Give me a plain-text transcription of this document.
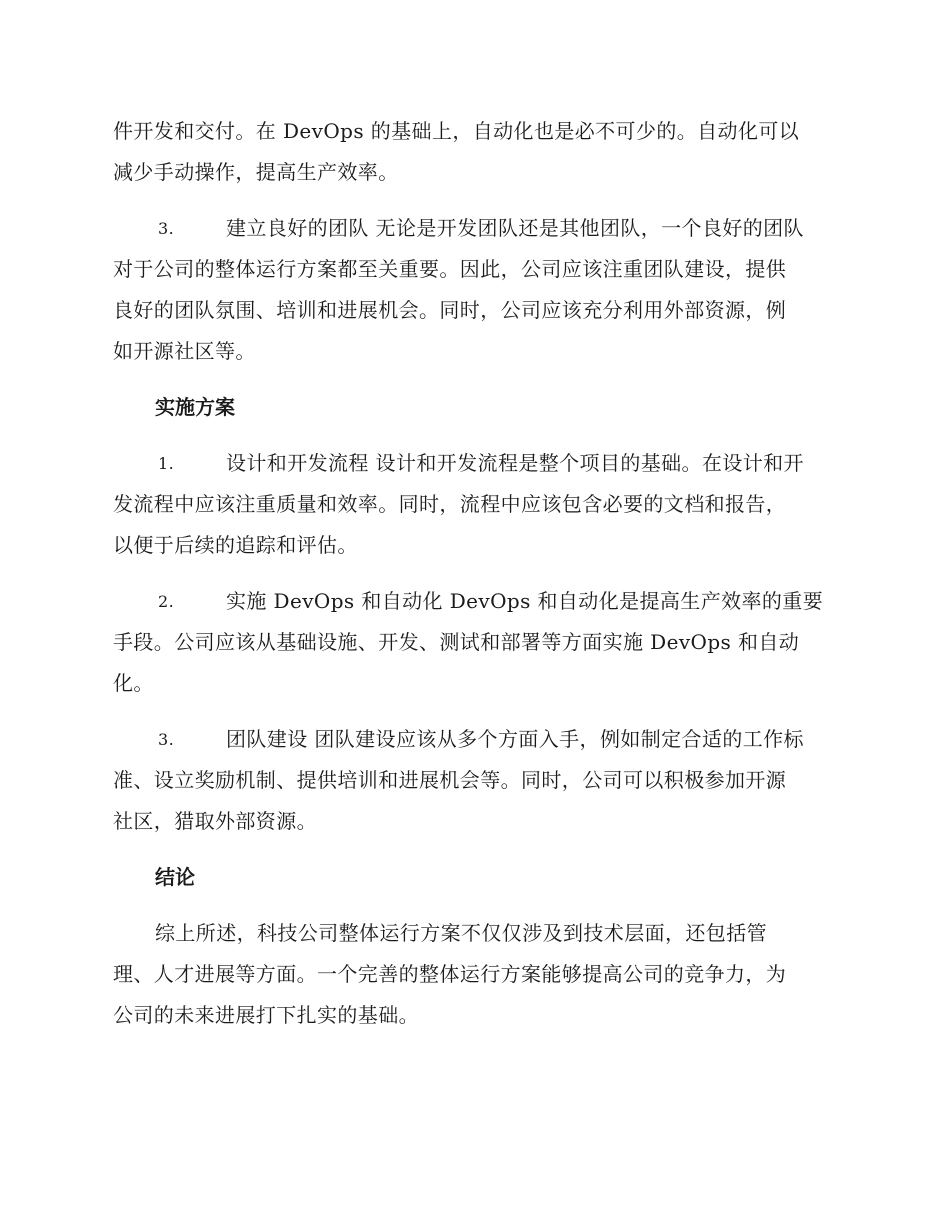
件开发和交付。在 DevOps 的基础上，自动化也是必不可少的。自动化可以
减少手动操作，提高生产效率。
3.	建立良好的团队 无论是开发团队还是其他团队，一个良好的团队
对于公司的整体运行方案都至关重要。因此，公司应该注重团队建设，提供
良好的团队氛围、培训和进展机会。同时，公司应该充分利用外部资源，例
如开源社区等。
实施方案
1.	设计和开发流程 设计和开发流程是整个项目的基础。在设计和开
发流程中应该注重质量和效率。同时，流程中应该包含必要的文档和报告，
以便于后续的追踪和评估。
2.	实施 DevOps 和自动化 DevOps 和自动化是提高生产效率的重要
手段。公司应该从基础设施、开发、测试和部署等方面实施 DevOps 和自动
化。
3.	团队建设 团队建设应该从多个方面入手，例如制定合适的工作标
准、设立奖励机制、提供培训和进展机会等。同时，公司可以积极参加开源
社区，猎取外部资源。
结论
综上所述，科技公司整体运行方案不仅仅涉及到技术层面，还包括管
理、人才进展等方面。一个完善的整体运行方案能够提高公司的竞争力，为
公司的未来进展打下扎实的基础。
